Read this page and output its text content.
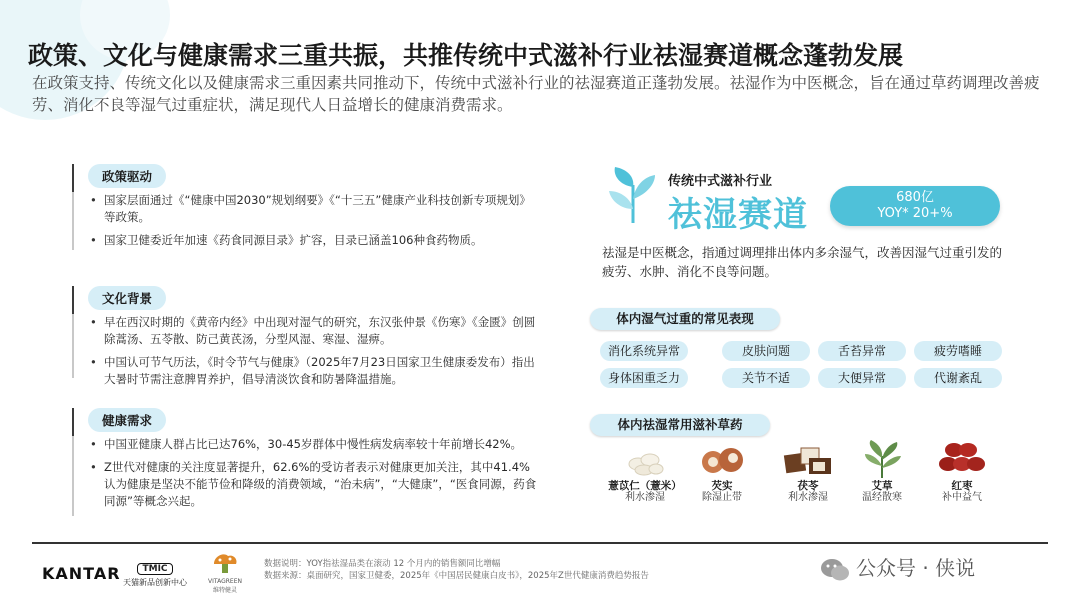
政策、文化与健康需求三重共振，共推传统中式滋补行业祛湿赛道概念蓬勃发展
在政策支持、传统文化以及健康需求三重因素共同推动下，传统中式滋补行业的祛湿赛道正蓬勃发展。祛湿作为中医概念，旨在通过草药调理改善疲劳、消化不良等湿气过重症状，满足现代人日益增长的健康消费需求。
政策驱动
• 国家层面通过《“健康中国2030”规划纲要》《“十三五”健康产业科技创新专项规划》等政策。
• 国家卫健委近年加速《药食同源目录》扩容，目录已涵盖106种食药物质。
文化背景
• 早在西汉时期的《黄帝内经》中出现对湿气的研究，东汉张仲景《伤寒》《金匮》创圆除蒿汤、五苓散、防己黄芪汤，分型风湿、寒湿、湿痹。
• 中国认可节气历法，《时令节气与健康》（2025年7月23日国家卫生健康委发布）指出大暑时节需注意脾胃养护，倡导清淡饮食和防暑降温措施。
健康需求
• 中国亚健康人群占比已达76%，30-45岁群体中慢性病发病率较十年前增长42%。
• Z世代对健康的关注度显著提升，62.6%的受访者表示对健康更加关注，其中41.4%认为健康是坚决不能节俭和降级的消费领域，“治未病”，“大健康”，“医食同源，药食同源”等概念兴起。
传统中式滋补行业
祛湿赛道	680亿
YOY* 20+%
祛湿是中医概念，指通过调理排出体内多余湿气，改善因湿气过重引发的疲劳、水肿、消化不良等问题。
体内湿气过重的常见表现
消化系统异常	皮肤问题	舌苔异常	疲劳嗜睡
身体困重乏力	关节不适	大便异常	代谢紊乱
体内祛湿常用滋补草药
薏苡仁（薏米）
利水渗湿
芡实
除湿止带
茯苓
利水渗湿
艾草
温经散寒
红枣
补中益气
KANTAR	TMIC
天猫新品创新中心	VITAGREEN
维特健灵
数据说明：YOY指祛湿品类在滚动 12 个月内的销售额同比增幅
数据来源：桌面研究，国家卫健委，2025年《中国居民健康白皮书》，2025年Z世代健康消费趋势报告	公众号 · 侠说
